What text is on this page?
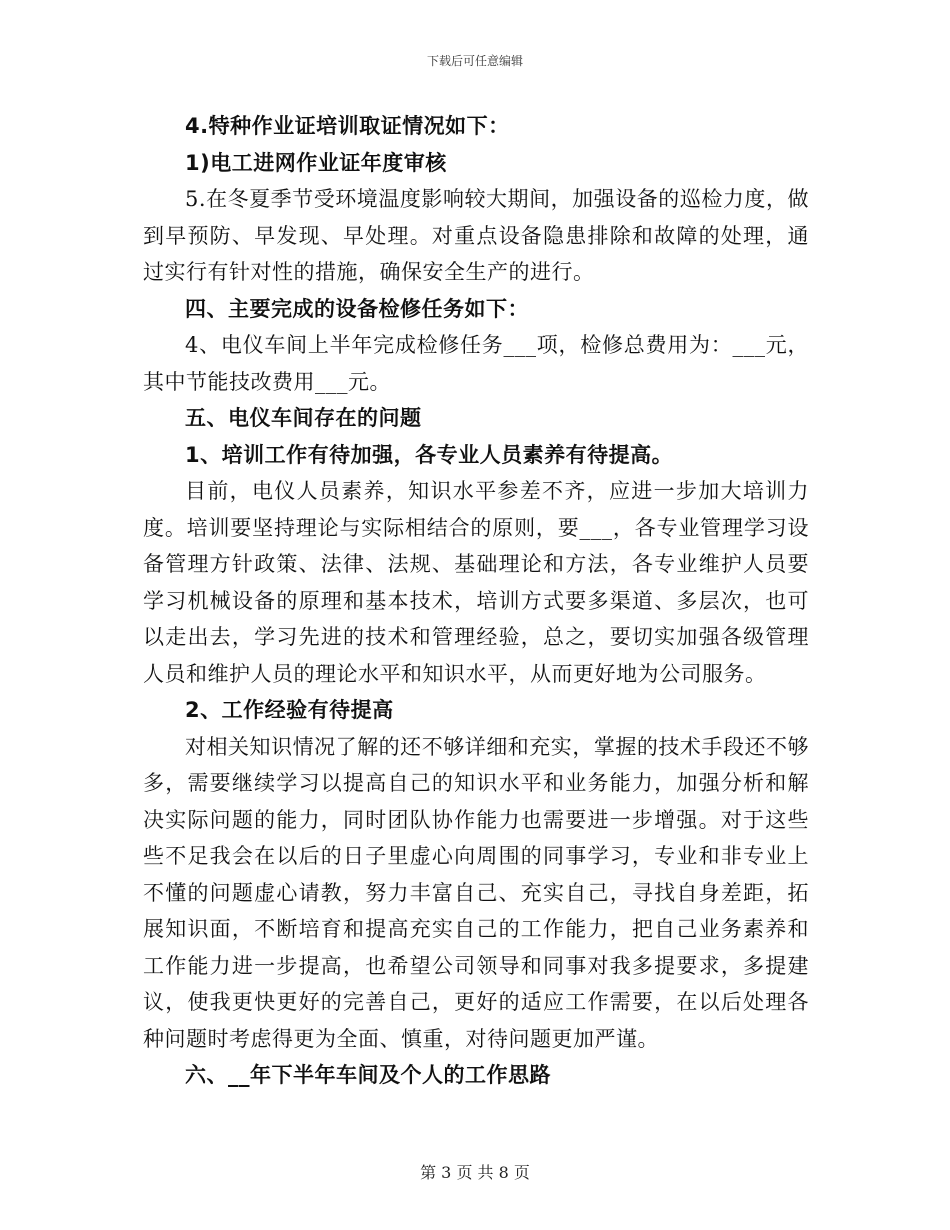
下载后可任意编辑

4.特种作业证培训取证情况如下：

1)电工进网作业证年度审核

5.在冬夏季节受环境温度影响较大期间，加强设备的巡检力度，做到早预防、早发现、早处理。对重点设备隐患排除和故障的处理，通过实行有针对性的措施，确保安全生产的进行。

四、主要完成的设备检修任务如下：

4、电仪车间上半年完成检修任务___项，检修总费用为：___元，其中节能技改费用___元。

五、电仪车间存在的问题

1、培训工作有待加强，各专业人员素养有待提高。

目前，电仪人员素养，知识水平参差不齐，应进一步加大培训力度。培训要坚持理论与实际相结合的原则，要___，各专业管理学习设备管理方针政策、法律、法规、基础理论和方法，各专业维护人员要学习机械设备的原理和基本技术，培训方式要多渠道、多层次，也可以走出去，学习先进的技术和管理经验，总之，要切实加强各级管理人员和维护人员的理论水平和知识水平，从而更好地为公司服务。

2、工作经验有待提高

对相关知识情况了解的还不够详细和充实，掌握的技术手段还不够多，需要继续学习以提高自己的知识水平和业务能力，加强分析和解决实际问题的能力，同时团队协作能力也需要进一步增强。对于这些些不足我会在以后的日子里虚心向周围的同事学习，专业和非专业上不懂的问题虚心请教，努力丰富自己、充实自己，寻找自身差距，拓展知识面，不断培育和提高充实自己的工作能力，把自己业务素养和工作能力进一步提高，也希望公司领导和同事对我多提要求，多提建议，使我更快更好的完善自己，更好的适应工作需要，在以后处理各种问题时考虑得更为全面、慎重，对待问题更加严谨。

六、__年下半年车间及个人的工作思路

第 3 页 共 8 页
